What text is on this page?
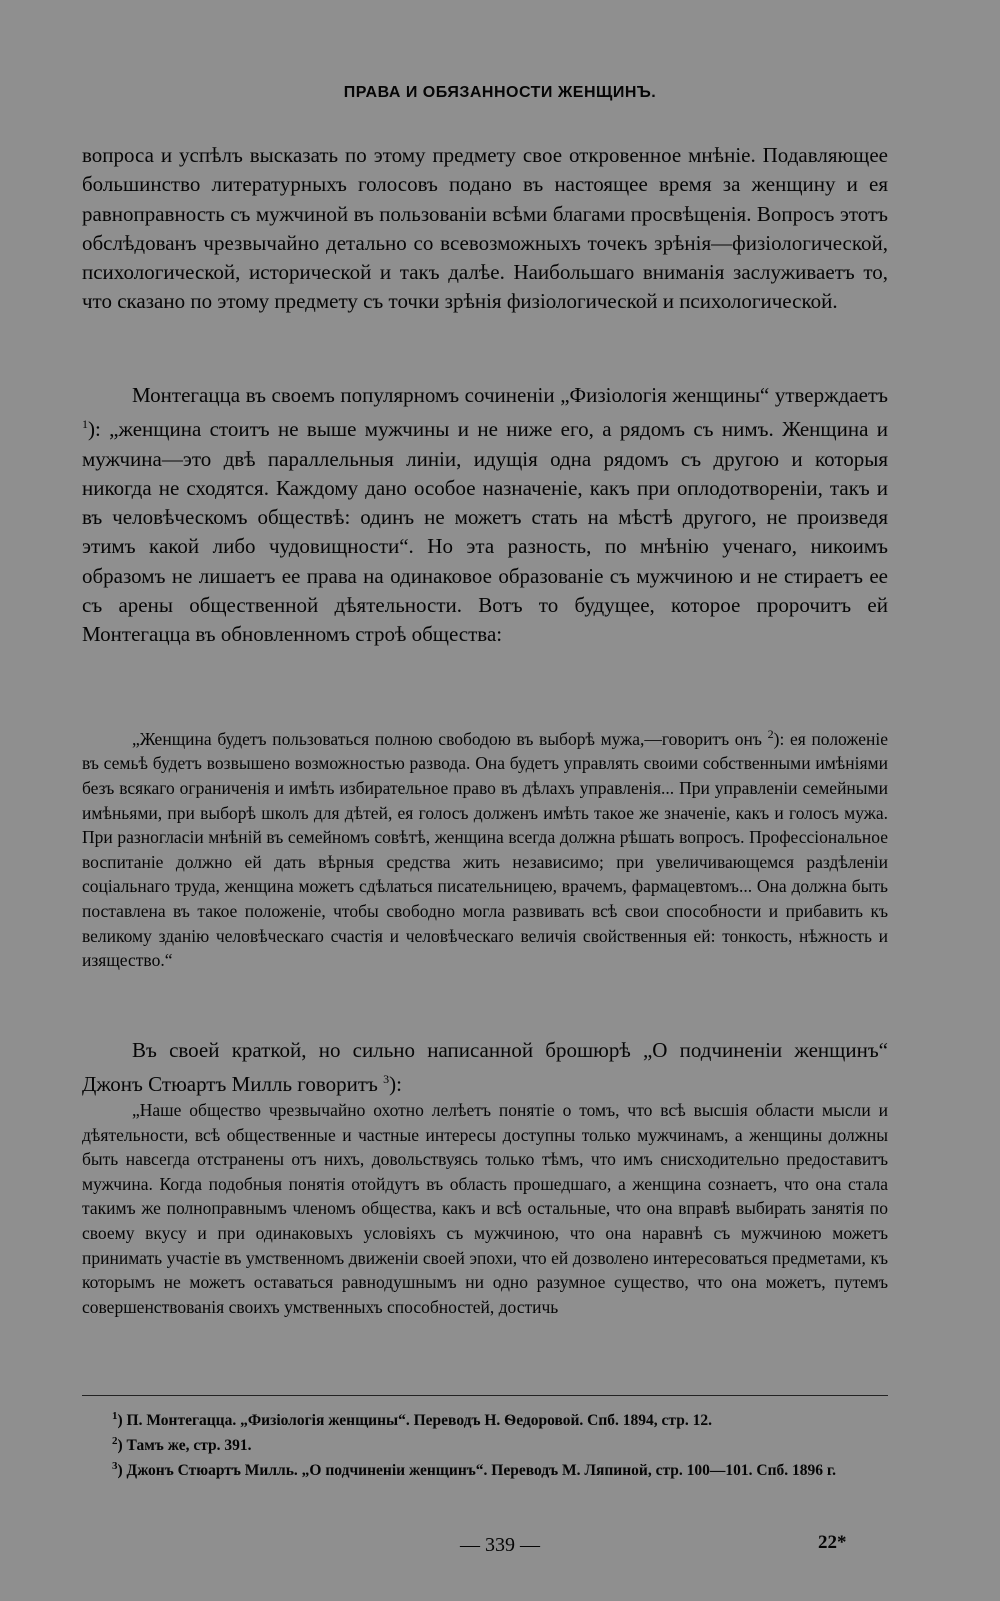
ПРАВА И ОБЯЗАННОСТИ ЖЕНЩИНЪ.

вопроса и успѣлъ высказать по этому предмету свое откровенное мнѣніе. Подавляющее большинство литературныхъ голосовъ подано въ настоящее время за женщину и ея равноправность съ мужчиной въ пользованіи всѣми благами просвѣщенія. Вопросъ этотъ обслѣдованъ чрезвычайно детально со всевозможныхъ точекъ зрѣнія—физіологической, психологической, исторической и такъ далѣе. Наибольшаго вниманія заслуживаетъ то, что сказано по этому предмету съ точки зрѣнія физіологической и психологической.

Монтегацца въ своемъ популярномъ сочиненіи „Физіологія женщины“ утверждаетъ $^1$): „женщина стоитъ не выше мужчины и не ниже его, а рядомъ съ нимъ. Женщина и мужчина—это двѣ параллельныя линіи, идущія одна рядомъ съ другою и которыя никогда не сходятся. Каждому дано особое назначеніе, какъ при оплодотвореніи, такъ и въ человѣческомъ обществѣ: одинъ не можетъ стать на мѣстѣ другого, не произведя этимъ какой либо чудовищности“. Но эта разность, по мнѣнію ученаго, никоимъ образомъ не лишаетъ ее права на одинаковое образованіе съ мужчиною и не стираетъ ее съ арены общественной дѣятельности. Вотъ то будущее, которое пророчитъ ей Монтегацца въ обновленномъ строѣ общества:

„Женщина будетъ пользоваться полною свободою въ выборѣ мужа,—говоритъ онъ $^2$): ея положеніе въ семьѣ будетъ возвышено возможностью развода. Она будетъ управлять своими собственными имѣніями безъ всякаго ограниченія и имѣть избирательное право въ дѣлахъ управленія... При управленіи семейными имѣньями, при выборѣ школъ для дѣтей, ея голосъ долженъ имѣть такое же значеніе, какъ и голосъ мужа. При разногласіи мнѣній въ семейномъ совѣтѣ, женщина всегда должна рѣшать вопросъ. Профессіональное воспитаніе должно ей дать вѣрныя средства жить независимо; при увеличивающемся раздѣленіи соціальнаго труда, женщина можетъ сдѣлаться писательницею, врачемъ, фармацевтомъ... Она должна быть поставлена въ такое положеніе, чтобы свободно могла развивать всѣ свои способности и прибавить къ великому зданію человѣческаго счастія и человѣческаго величія свойственныя ей: тонкость, нѣжность и изящество.“

Въ своей краткой, но сильно написанной брошюрѣ „О подчиненіи женщинъ“ Джонъ Стюартъ Милль говоритъ $^3$):

„Наше общество чрезвычайно охотно лелѣетъ понятіе о томъ, что всѣ высшія области мысли и дѣятельности, всѣ общественные и частные интересы доступны только мужчинамъ, а женщины должны быть навсегда отстранены отъ нихъ, довольствуясь только тѣмъ, что имъ снисходительно предоставитъ мужчина. Когда подобныя понятія отойдутъ въ область прошедшаго, а женщина сознаетъ, что она стала такимъ же полноправнымъ членомъ общества, какъ и всѣ остальные, что она вправѣ выбирать занятія по своему вкусу и при одинаковыхъ условіяхъ съ мужчиною, что она наравнѣ съ мужчиною можетъ принимать участіе въ умственномъ движеніи своей эпохи, что ей дозволено интересоваться предметами, къ которымъ не можетъ оставаться равнодушнымъ ни одно разумное существо, что она можетъ, путемъ совершенствованія своихъ умственныхъ способностей, достичь

$^1$) П. Монтегацца. „Физіологія женщины“. Переводъ Н. Ѳедоровой. Спб. 1894, стр. 12.

$^2$) Тамъ же, стр. 391.

$^3$) Джонъ Стюартъ Милль. „О подчиненіи женщинъ“. Переводъ М. Ляпиной, стр. 100—101. Спб. 1896 г.

— 339 —	22*
